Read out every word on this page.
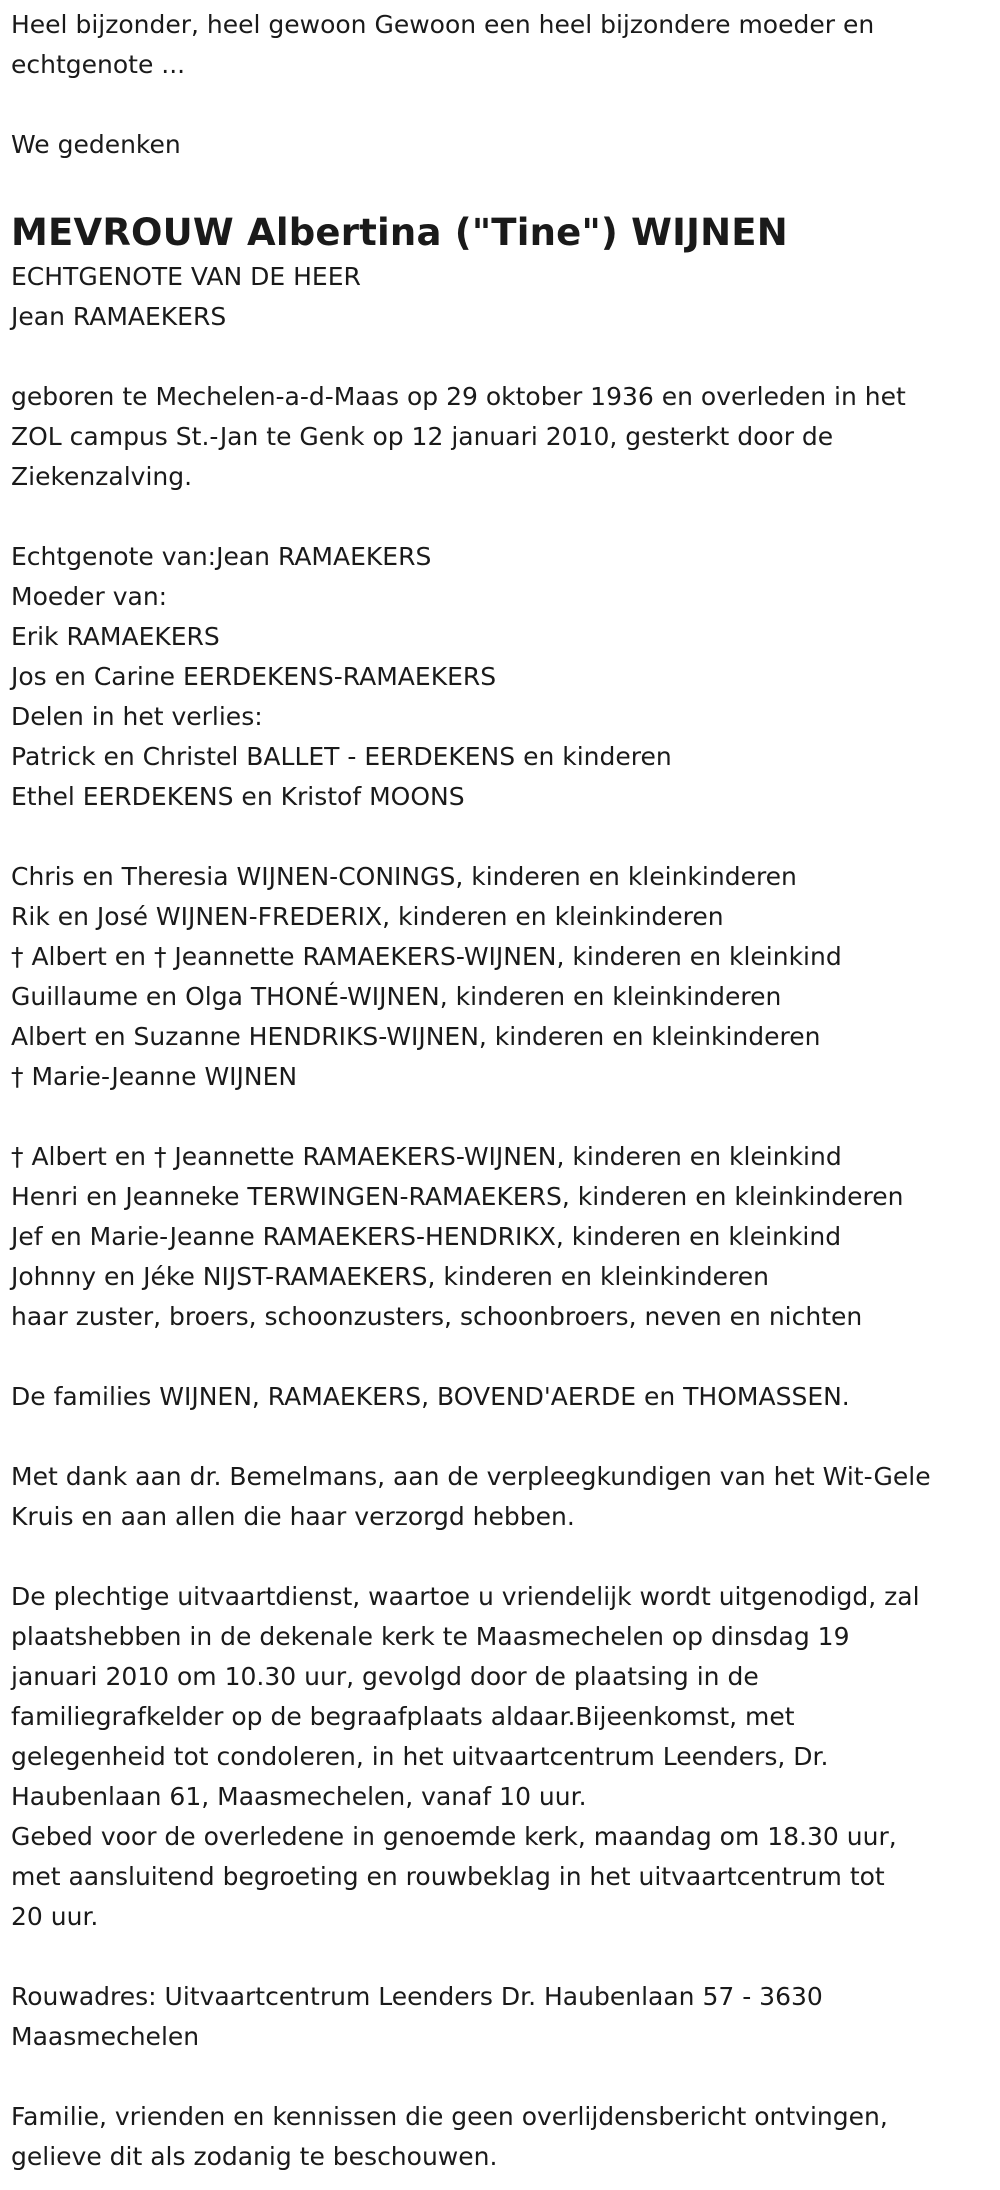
Heel bijzonder, heel gewoon Gewoon een heel bijzondere moeder en
echtgenote ...
We gedenken
MEVROUW Albertina ("Tine") WIJNEN
ECHTGENOTE VAN DE HEER
Jean RAMAEKERS
geboren te Mechelen-a-d-Maas op 29 oktober 1936 en overleden in het
ZOL campus St.-Jan te Genk op 12 januari 2010, gesterkt door de
Ziekenzalving.
Echtgenote van:Jean RAMAEKERS
Moeder van:
Erik RAMAEKERS
Jos en Carine EERDEKENS-RAMAEKERS
Delen in het verlies:
Patrick en Christel BALLET - EERDEKENS en kinderen
Ethel EERDEKENS en Kristof MOONS
Chris en Theresia WIJNEN-CONINGS, kinderen en kleinkinderen
Rik en José WIJNEN-FREDERIX, kinderen en kleinkinderen
† Albert en † Jeannette RAMAEKERS-WIJNEN, kinderen en kleinkind
Guillaume en Olga THONÉ-WIJNEN, kinderen en kleinkinderen
Albert en Suzanne HENDRIKS-WIJNEN, kinderen en kleinkinderen
† Marie-Jeanne WIJNEN
† Albert en † Jeannette RAMAEKERS-WIJNEN, kinderen en kleinkind
Henri en Jeanneke TERWINGEN-RAMAEKERS, kinderen en kleinkinderen
Jef en Marie-Jeanne RAMAEKERS-HENDRIKX, kinderen en kleinkind
Johnny en Jéke NIJST-RAMAEKERS, kinderen en kleinkinderen
haar zuster, broers, schoonzusters, schoonbroers, neven en nichten
De families WIJNEN, RAMAEKERS, BOVEND'AERDE en THOMASSEN.
Met dank aan dr. Bemelmans, aan de verpleegkundigen van het Wit-Gele
Kruis en aan allen die haar verzorgd hebben.
De plechtige uitvaartdienst, waartoe u vriendelijk wordt uitgenodigd, zal
plaatshebben in de dekenale kerk te Maasmechelen op dinsdag 19
januari 2010 om 10.30 uur, gevolgd door de plaatsing in de
familiegrafkelder op de begraafplaats aldaar.Bijeenkomst, met
gelegenheid tot condoleren, in het uitvaartcentrum Leenders, Dr.
Haubenlaan 61, Maasmechelen, vanaf 10 uur.
Gebed voor de overledene in genoemde kerk, maandag om 18.30 uur,
met aansluitend begroeting en rouwbeklag in het uitvaartcentrum tot
20 uur.
Rouwadres: Uitvaartcentrum Leenders Dr. Haubenlaan 57 - 3630
Maasmechelen
Familie, vrienden en kennissen die geen overlijdensbericht ontvingen,
gelieve dit als zodanig te beschouwen.
